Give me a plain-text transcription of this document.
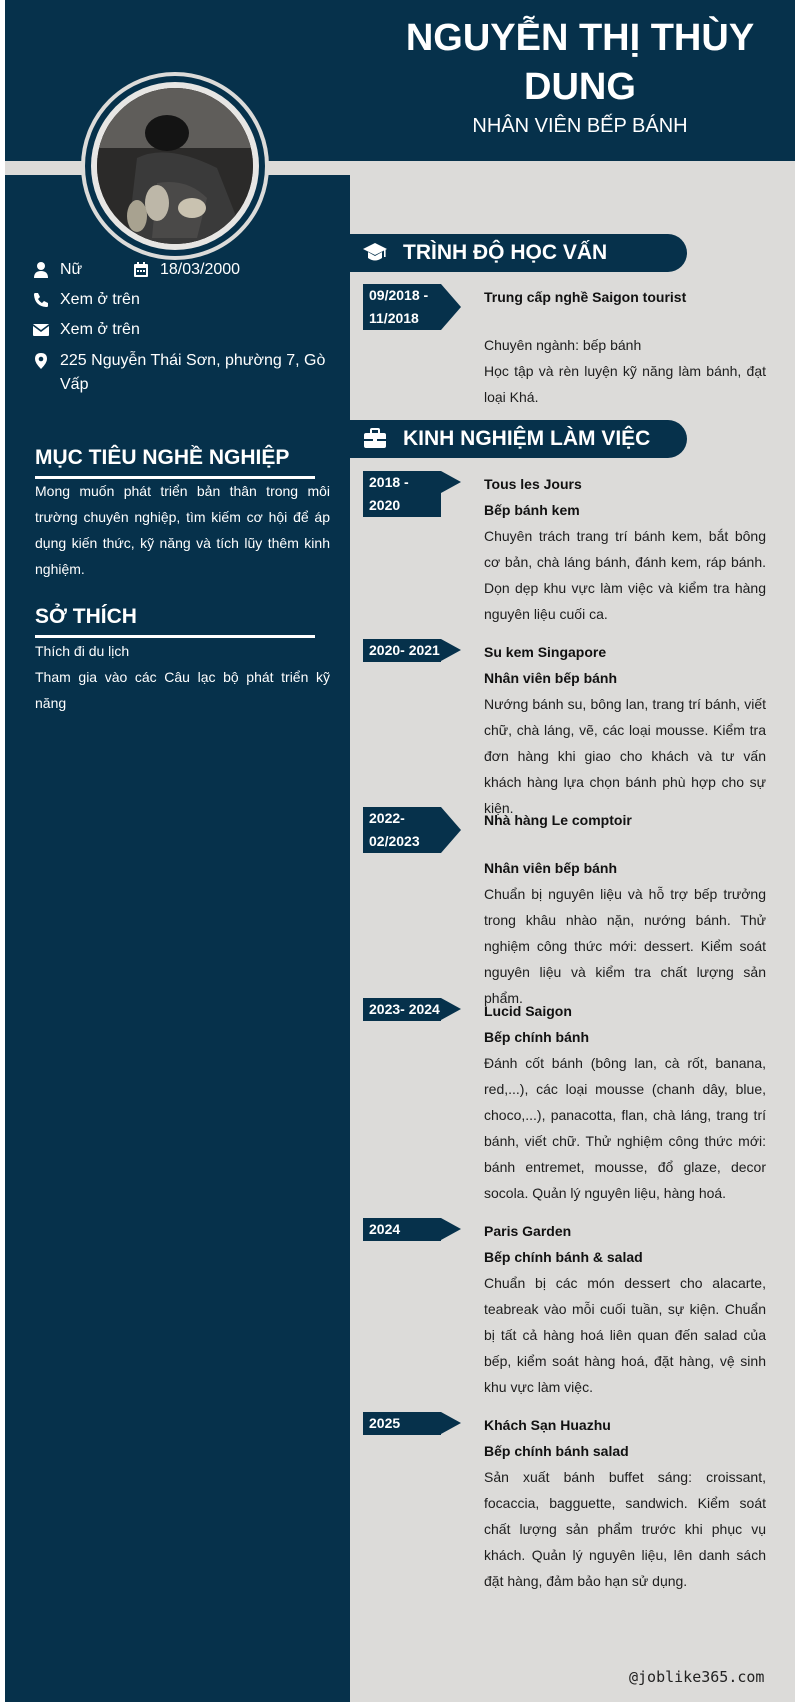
NGUYỄN THỊ THÙY DUNG
NHÂN VIÊN BẾP BÁNH
Nữ	18/03/2000
Xem ở trên
Xem ở trên
225 Nguyễn Thái Sơn, phường 7, Gò Vấp
MỤC TIÊU NGHỀ NGHIỆP
Mong muốn phát triển bản thân trong môi trường chuyên nghiệp, tìm kiếm cơ hội để áp dụng kiến thức, kỹ năng và tích lũy thêm kinh nghiệm.
SỞ THÍCH
Thích đi du lịch
Tham gia vào các Câu lạc bộ phát triển kỹ năng
TRÌNH ĐỘ HỌC VẤN
09/2018 - 11/2018
Trung cấp nghề Saigon tourist
Chuyên ngành: bếp bánh
Học tập và rèn luyện kỹ năng làm bánh, đạt loại Khá.
KINH NGHIỆM LÀM VIỆC
2018 - 2020
Tous les Jours
Bếp bánh kem
Chuyên trách trang trí bánh kem, bắt bông cơ bản, chà láng bánh, đánh kem, ráp bánh. Dọn dẹp khu vực làm việc và kiểm tra hàng nguyên liệu cuối ca.
2020- 2021	Su kem Singapore
Nhân viên bếp bánh
Nướng bánh su, bông lan, trang trí bánh, viết chữ, chà láng, vẽ, các loại mousse. Kiểm tra đơn hàng khi giao cho khách và tư vấn khách hàng lựa chọn bánh phù hợp cho sự kiện.
2022- 02/2023
Nhà hàng Le comptoir
Nhân viên bếp bánh
Chuẩn bị nguyên liệu và hỗ trợ bếp trưởng trong khâu nhào nặn, nướng bánh. Thử nghiệm công thức mới: dessert. Kiểm soát nguyên liệu và kiểm tra chất lượng sản phẩm.
2023- 2024	Lucid Saigon
Bếp chính bánh
Đánh cốt bánh (bông lan, cà rốt, banana, red,...), các loại mousse (chanh dây, blue, choco,...), panacotta, flan, chà láng, trang trí bánh, viết chữ. Thử nghiệm công thức mới: bánh entremet, mousse, đổ glaze, decor socola. Quản lý nguyên liệu, hàng hoá.
2024	Paris Garden
Bếp chính bánh & salad
Chuẩn bị các món dessert cho alacarte, teabreak vào mỗi cuối tuần, sự kiện. Chuẩn bị tất cả hàng hoá liên quan đến salad của bếp, kiểm soát hàng hoá, đặt hàng, vệ sinh khu vực làm việc.
2025	Khách Sạn Huazhu
Bếp chính bánh salad
Sản xuất bánh buffet sáng: croissant, focaccia, bagguette, sandwich. Kiểm soát chất lượng sản phẩm trước khi phục vụ khách. Quản lý nguyên liệu, lên danh sách đặt hàng, đảm bảo hạn sử dụng.
@joblike365.com
